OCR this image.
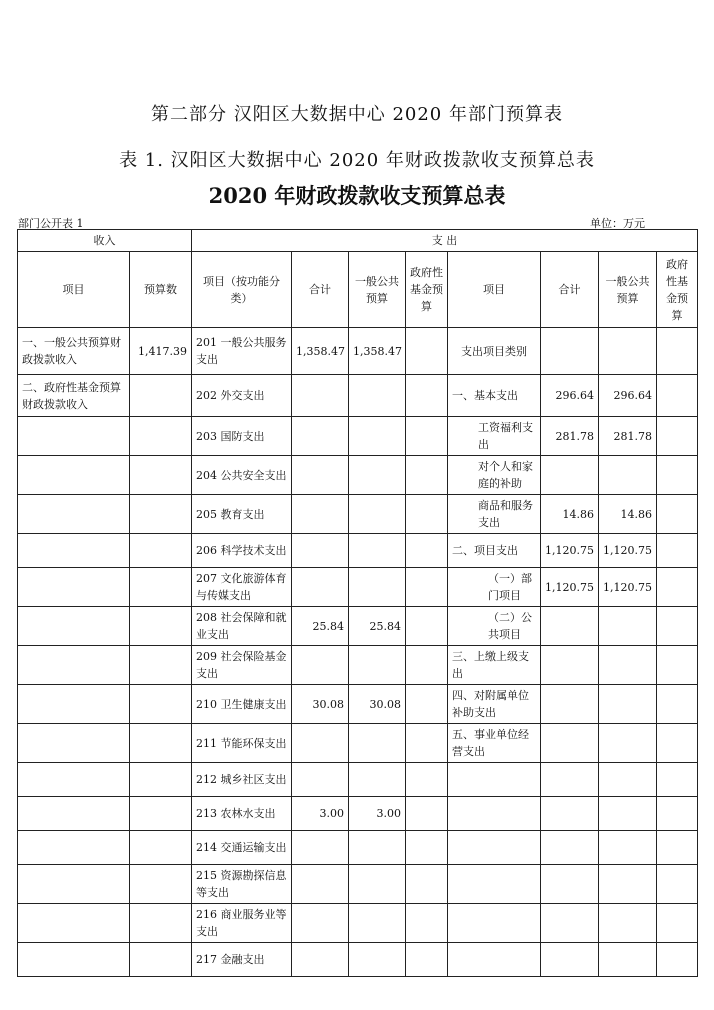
第二部分 汉阳区大数据中心 2020 年部门预算表
表 1. 汉阳区大数据中心 2020 年财政拨款收支预算总表
2020 年财政拨款收支预算总表
部门公开表 1	单位：万元
收入		支 出							
项目	预算数	项目（按功能分类）	合计	一般公共预算	政府性基金预算	项目	合计	一般公共预算	政府性基金预算
一、一般公共预算财政拨款收入	1,417.39	201 一般公共服务支出	1,358.47	1,358.47		支出项目类别			
二、政府性基金预算财政拨款收入		202 外交支出				一、基本支出	296.64	296.64	
		203 国防支出				工资福利支出	281.78	281.78	
		204 公共安全支出				对个人和家庭的补助			
		205 教育支出				商品和服务支出	14.86	14.86	
		206 科学技术支出				二、项目支出	1,120.75	1,120.75	
		207 文化旅游体育与传媒支出				（一）部门项目	1,120.75	1,120.75	
		208 社会保障和就业支出	25.84	25.84		（二）公共项目			
		209 社会保险基金支出				三、上缴上级支出			
		210 卫生健康支出	30.08	30.08		四、对附属单位补助支出			
		211 节能环保支出				五、事业单位经营支出			
		212 城乡社区支出							
		213 农林水支出	3.00	3.00					
		214 交通运输支出							
		215 资源勘探信息等支出							
		216 商业服务业等支出							
		217 金融支出							
